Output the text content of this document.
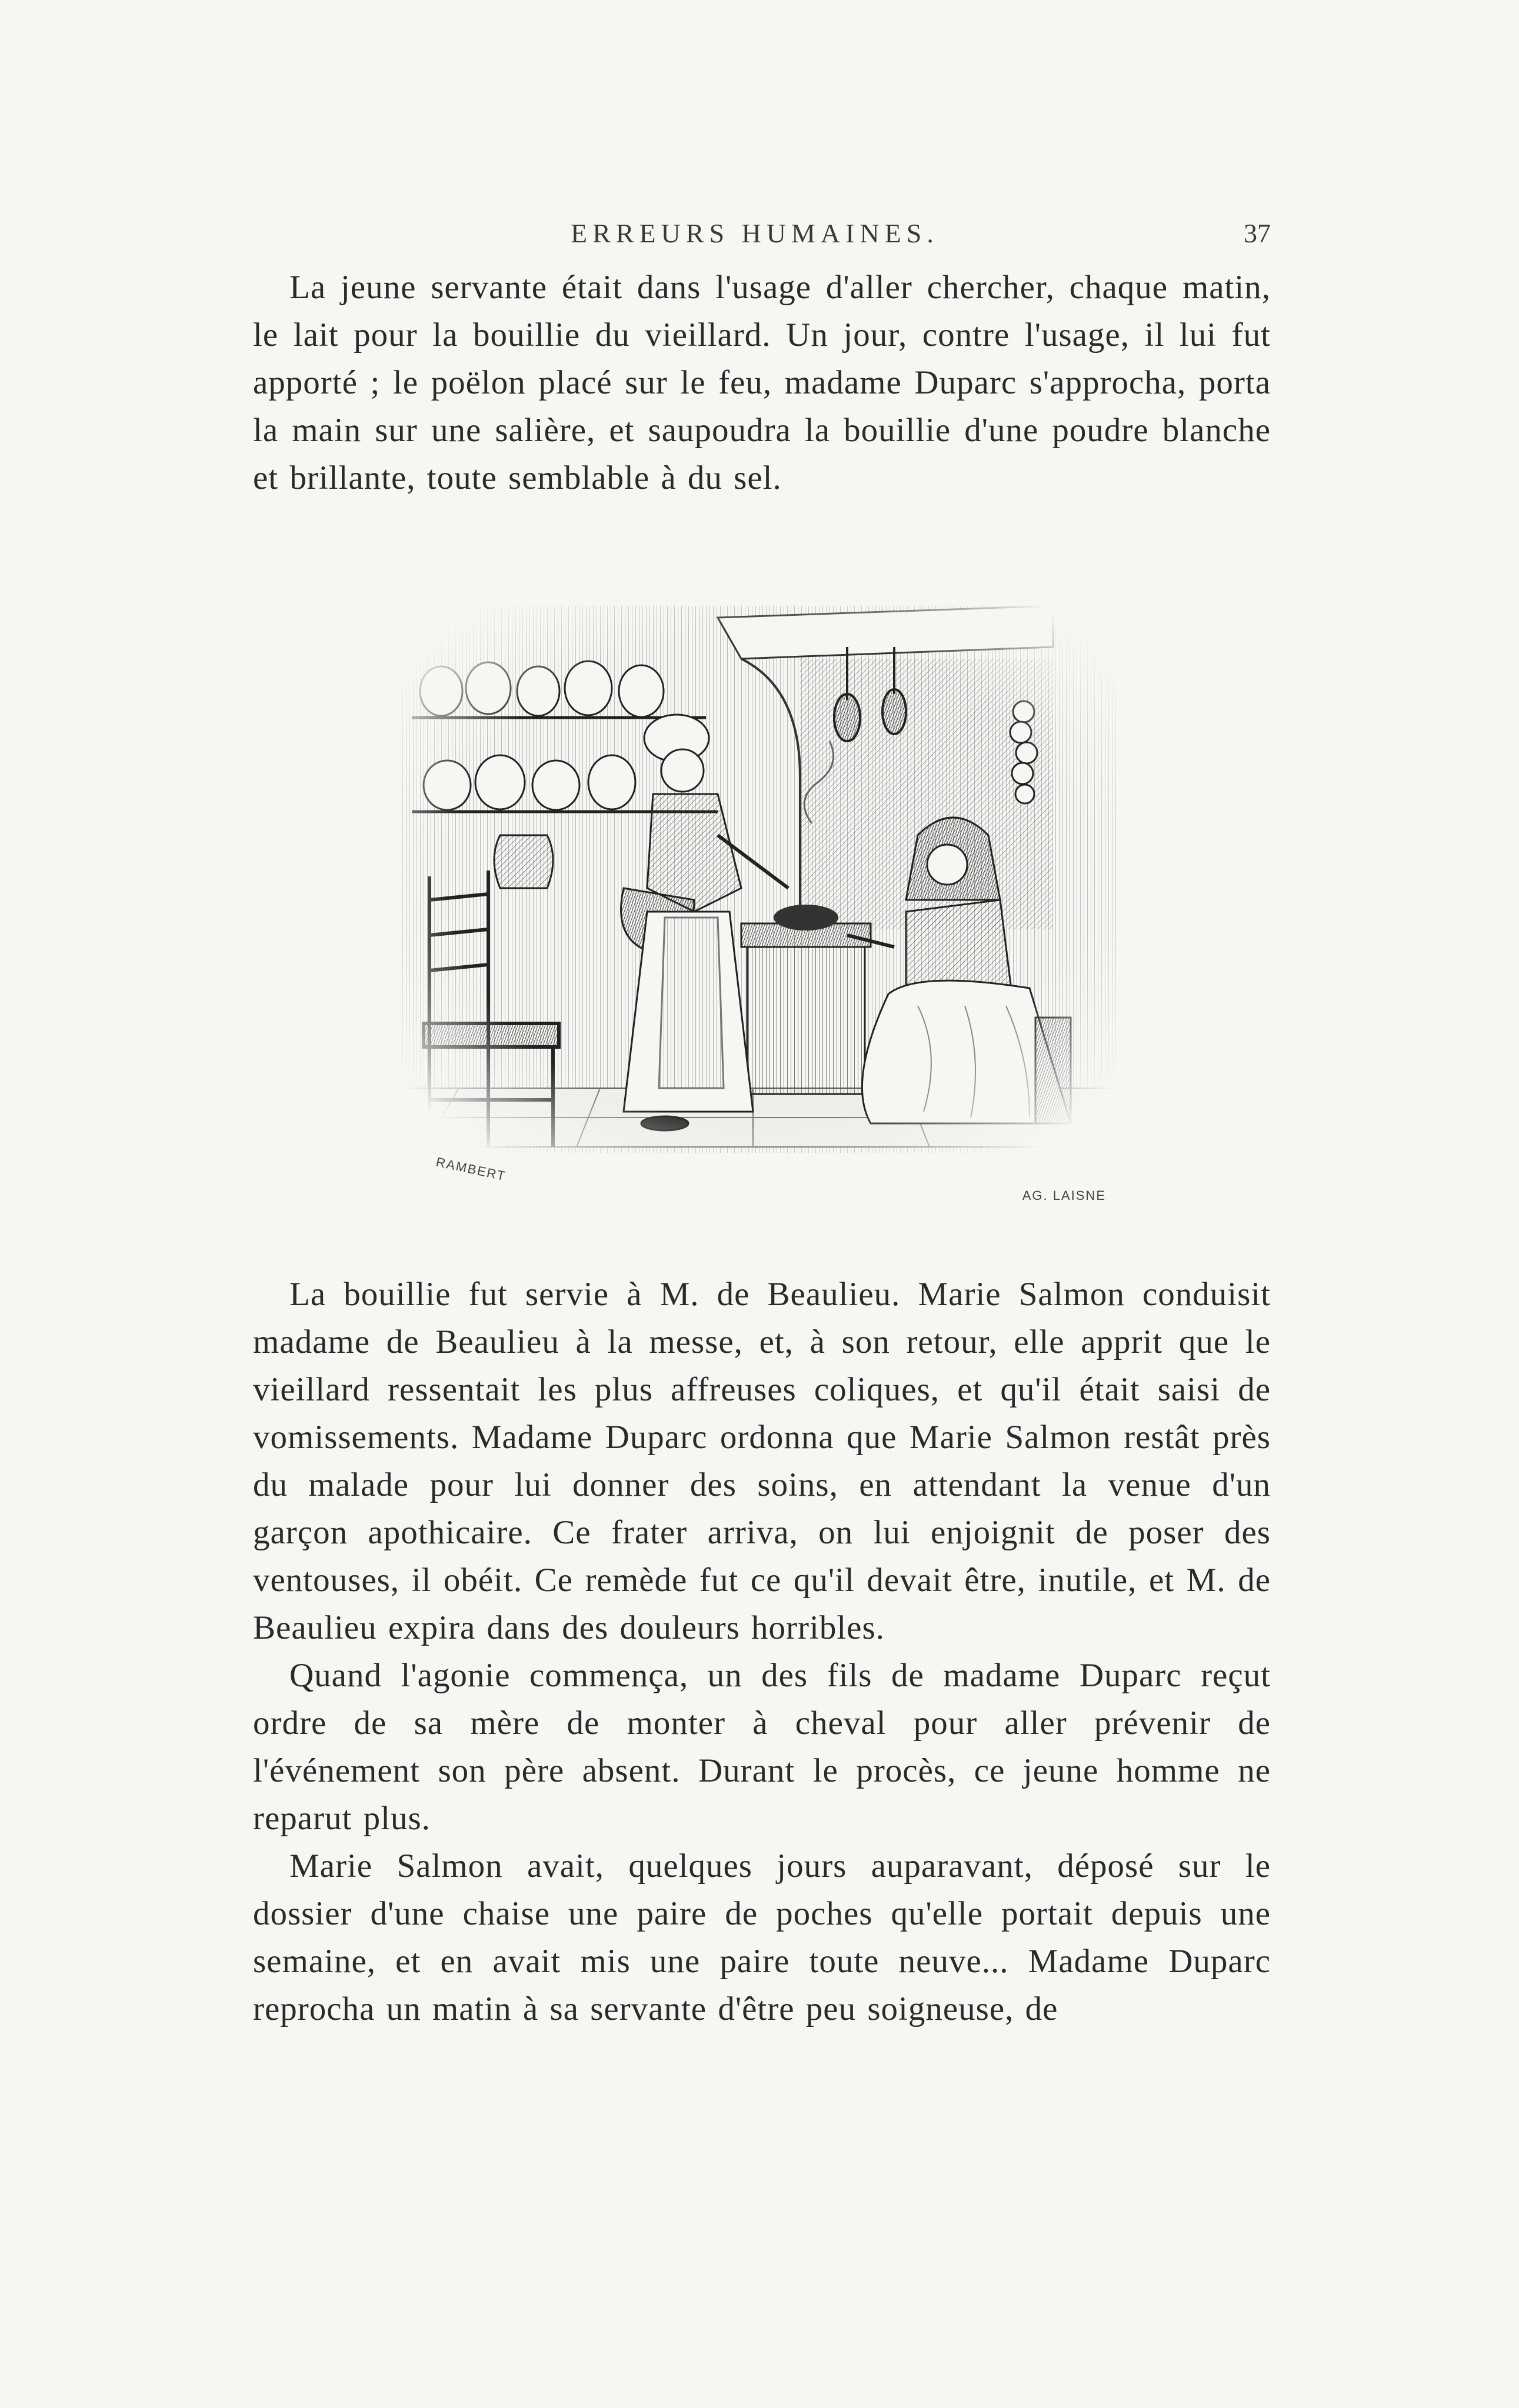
ERREURS HUMAINES.	37

La jeune servante était dans l'usage d'aller chercher, chaque matin, le lait pour la bouillie du vieillard. Un jour, contre l'usage, il lui fut apporté ; le poëlon placé sur le feu, madame Duparc s'approcha, porta la main sur une salière, et saupoudra la bouillie d'une poudre blanche et brillante, toute semblable à du sel.

RAMBERT
AG. LAISNE

La bouillie fut servie à M. de Beaulieu. Marie Salmon conduisit madame de Beaulieu à la messe, et, à son retour, elle apprit que le vieillard ressentait les plus affreuses coliques, et qu'il était saisi de vomissements. Madame Duparc ordonna que Marie Salmon restât près du malade pour lui donner des soins, en attendant la venue d'un garçon apothicaire. Ce frater arriva, on lui enjoignit de poser des ventouses, il obéit. Ce remède fut ce qu'il devait être, inutile, et M. de Beaulieu expira dans des douleurs horribles.

Quand l'agonie commença, un des fils de madame Duparc reçut ordre de sa mère de monter à cheval pour aller prévenir de l'événement son père absent. Durant le procès, ce jeune homme ne reparut plus.

Marie Salmon avait, quelques jours auparavant, déposé sur le dossier d'une chaise une paire de poches qu'elle portait depuis une semaine, et en avait mis une paire toute neuve... Madame Duparc reprocha un matin à sa servante d'être peu soigneuse, de
